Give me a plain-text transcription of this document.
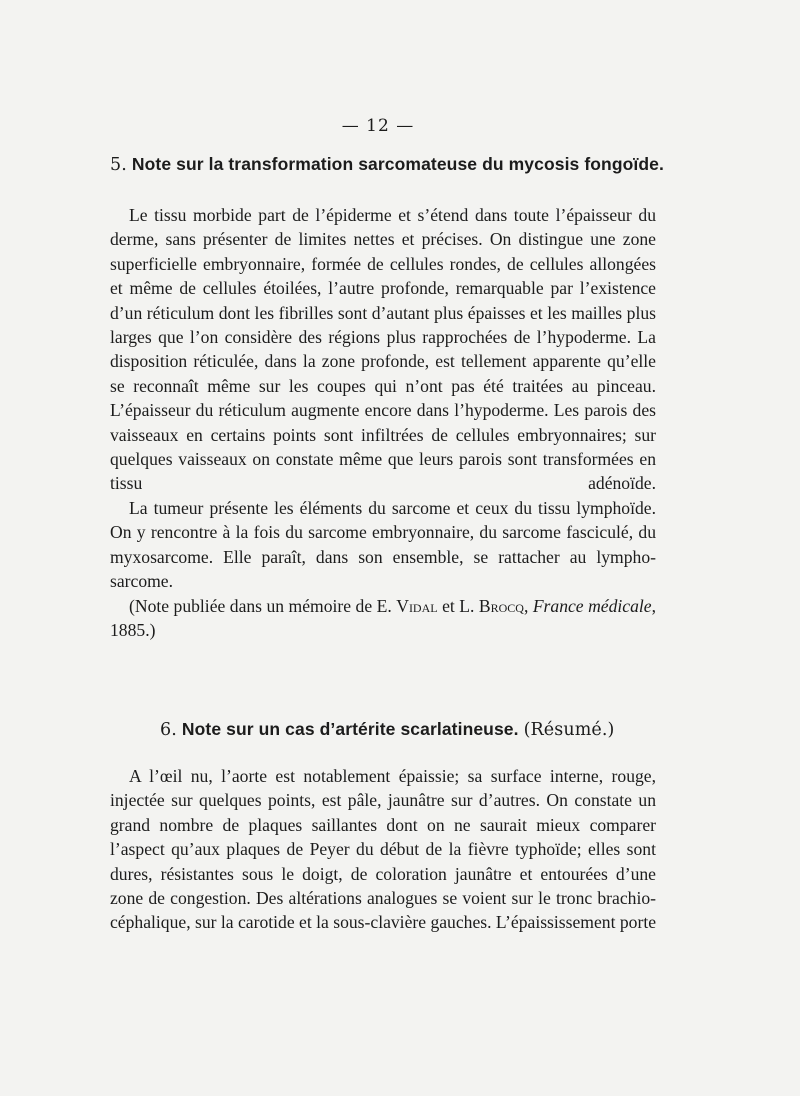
— 12 —
5. Note sur la transformation sarcomateuse du mycosis fongoïde.

Le tissu morbide part de l’épiderme et s’étend dans toute l’épaisseur du derme, sans présenter de limites nettes et précises. On distingue une zone superficielle embryonnaire, formée de cellules rondes, de cellules allongées et même de cellules étoilées, l’autre profonde, remarquable par l’existence d’un réticulum dont les fibrilles sont d’autant plus épaisses et les mailles plus larges que l’on considère des régions plus rapprochées de l’hypoderme. La disposition réticulée, dans la zone profonde, est tellement apparente qu’elle se reconnaît même sur les coupes qui n’ont pas été traitées au pinceau. L’épaisseur du réticulum augmente encore dans l’hypoderme. Les parois des vaisseaux en certains points sont infiltrées de cellules embryonnaires; sur quelques vaisseaux on constate même que leurs parois sont transformées en tissu adénoïde.

La tumeur présente les éléments du sarcome et ceux du tissu lymphoïde. On y rencontre à la fois du sarcome embryonnaire, du sarcome fasciculé, du myxosarcome. Elle paraît, dans son ensemble, se rattacher au lympho-sarcome.

(Note publiée dans un mémoire de E. Vidal et L. Brocq, France médicale, 1885.)

6. Note sur un cas d’artérite scarlatineuse. (Résumé.)

A l’œil nu, l’aorte est notablement épaissie; sa surface interne, rouge, injectée sur quelques points, est pâle, jaunâtre sur d’autres. On constate un grand nombre de plaques saillantes dont on ne saurait mieux comparer l’aspect qu’aux plaques de Peyer du début de la fièvre typhoïde; elles sont dures, résistantes sous le doigt, de coloration jaunâtre et entourées d’une zone de congestion. Des altérations analogues se voient sur le tronc brachio-céphalique, sur la carotide et la sous-clavière gauches. L’épaississement porte
